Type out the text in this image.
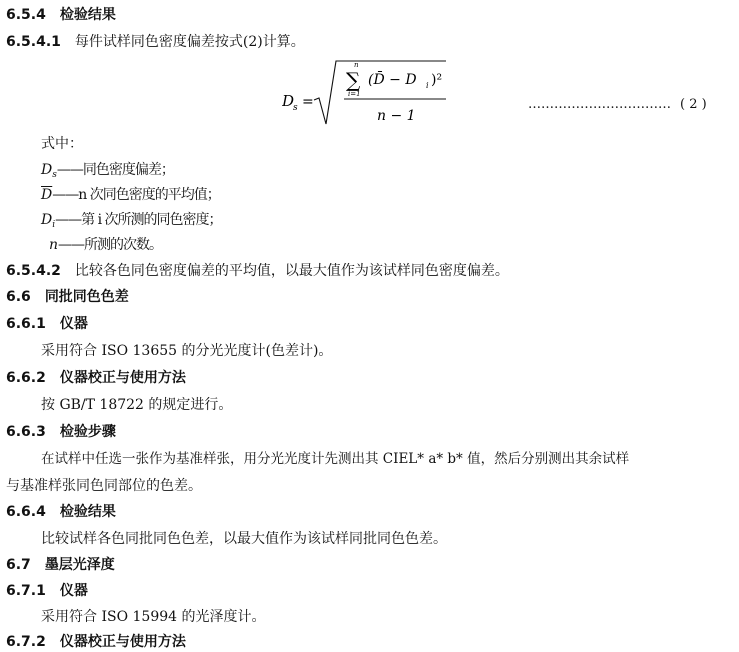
6.5.4 检验结果
6.5.4.1 每件试样同色密度偏差按式(2)计算。
D
s =
n
∑
i=1
(D̄ − D i )²
n − 1
…………………………… ( 2 )
式中：
$D_s——$同色密度偏差；
$\overline{D}——n$ 次同色密度的平均值；
$D_i——$第 i 次所测的同色密度；
n——所测的次数。
6.5.4.2 比较各色同色密度偏差的平均值，以最大值作为该试样同色密度偏差。
6.6 同批同色色差
6.6.1 仪器
采用符合 ISO 13655 的分光光度计(色差计)。
6.6.2 仪器校正与使用方法
按 GB/T 18722 的规定进行。
6.6.3 检验步骤
在试样中任选一张作为基准样张，用分光光度计先测出其 CIEL* a* b* 值，然后分别测出其余试样
与基准样张同色同部位的色差。
6.6.4 检验结果
比较试样各色同批同色色差，以最大值作为该试样同批同色色差。
6.7 墨层光泽度
6.7.1 仪器
采用符合 ISO 15994 的光泽度计。
6.7.2 仪器校正与使用方法
